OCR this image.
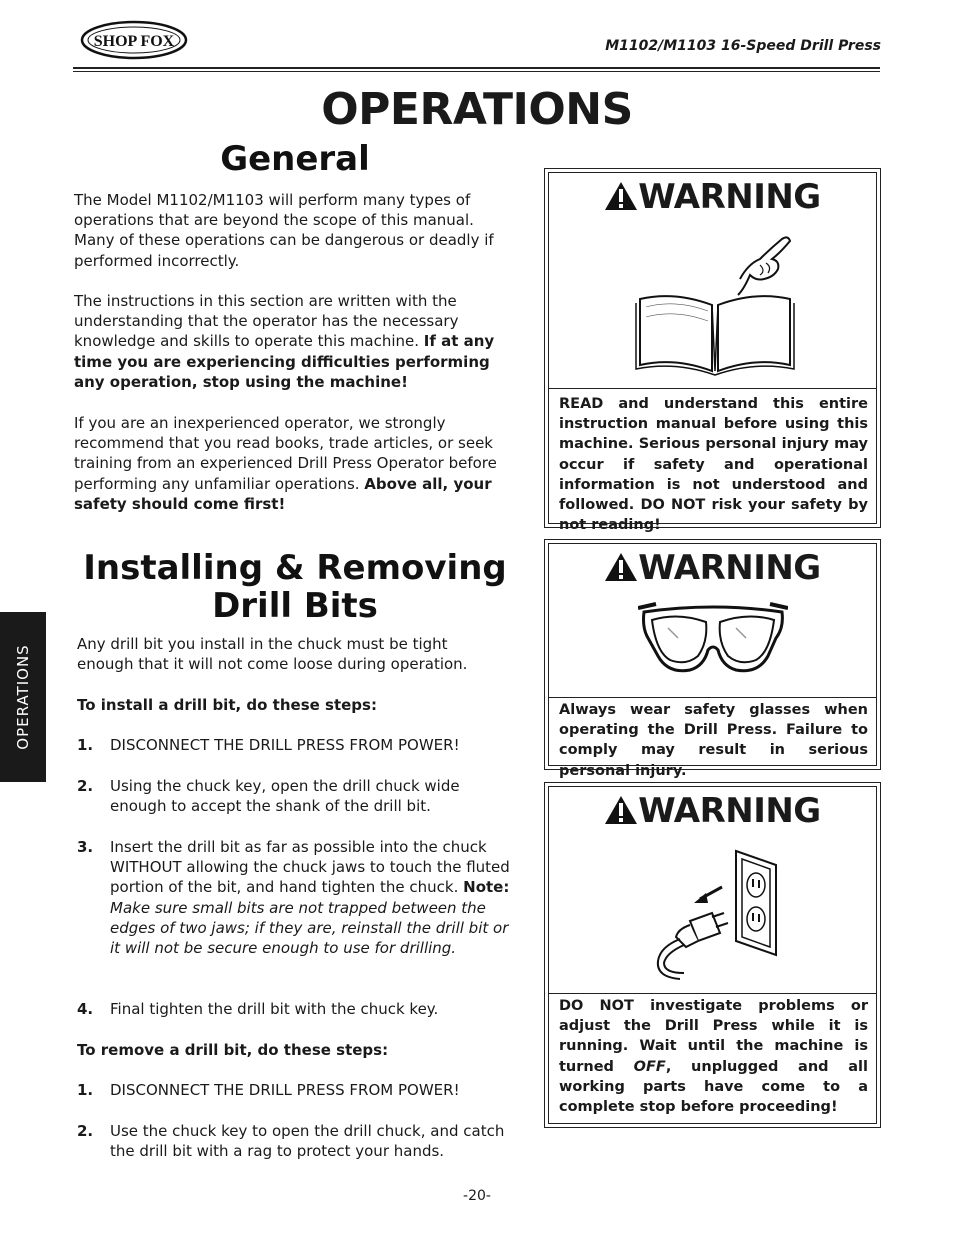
SHOP FOX	M1102/M1103 16-Speed Drill Press
OPERATIONS
General
The Model M1102/M1103 will perform many types of operations that are beyond the scope of this manual. Many of these operations can be dangerous or deadly if performed incorrectly.
The instructions in this section are written with the understanding that the operator has the necessary knowledge and skills to operate this machine. If at any time you are experiencing difficulties performing any operation, stop using the machine!
If you are an inexperienced operator, we strongly recommend that you read books, trade articles, or seek training from an experienced Drill Press Operator before performing any unfamiliar operations. Above all, your safety should come first!
Installing & Removing
Drill Bits
Any drill bit you install in the chuck must be tight enough that it will not come loose during operation.
To install a drill bit, do these steps:
1. DISCONNECT THE DRILL PRESS FROM POWER!
2. Using the chuck key, open the drill chuck wide enough to accept the shank of the drill bit.
3. Insert the drill bit as far as possible into the chuck WITHOUT allowing the chuck jaws to touch the fluted portion of the bit, and hand tighten the chuck. Note: Make sure small bits are not trapped between the edges of two jaws; if they are, reinstall the drill bit or it will not be secure enough to use for drilling.
4. Final tighten the drill bit with the chuck key.
To remove a drill bit, do these steps:
1. DISCONNECT THE DRILL PRESS FROM POWER!
2. Use the chuck key to open the drill chuck, and catch the drill bit with a rag to protect your hands.
OPERATIONS
WARNING
READ and understand this entire instruction manual before using this machine. Serious personal injury may occur if safety and operational information is not understood and followed. DO NOT risk your safety by not reading!
WARNING
Always wear safety glasses when operating the Drill Press. Failure to comply may result in serious personal injury.
WARNING
DO NOT investigate problems or adjust the Drill Press while it is running. Wait until the machine is turned OFF, unplugged and all working parts have come to a complete stop before proceeding!
-20-
